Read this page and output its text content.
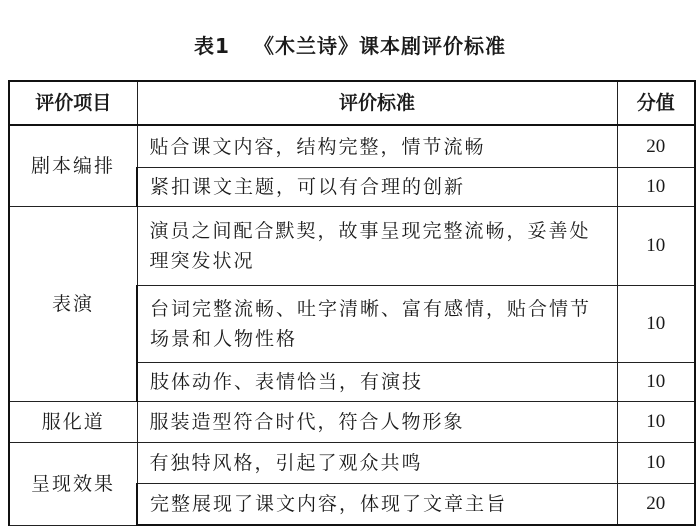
表1 《木兰诗》课本剧评价标准
评价项目	评价标准	分值
剧本编排	贴合课文内容，结构完整，情节流畅	20
	紧扣课文主题，可以有合理的创新	10
表演	演员之间配合默契，故事呈现完整流畅，妥善处理突发状况	10
	台词完整流畅、吐字清晰、富有感情，贴合情节场景和人物性格	10
	肢体动作、表情恰当，有演技	10
服化道	服装造型符合时代，符合人物形象	10
呈现效果	有独特风格，引起了观众共鸣	10
	完整展现了课文内容，体现了文章主旨	20
